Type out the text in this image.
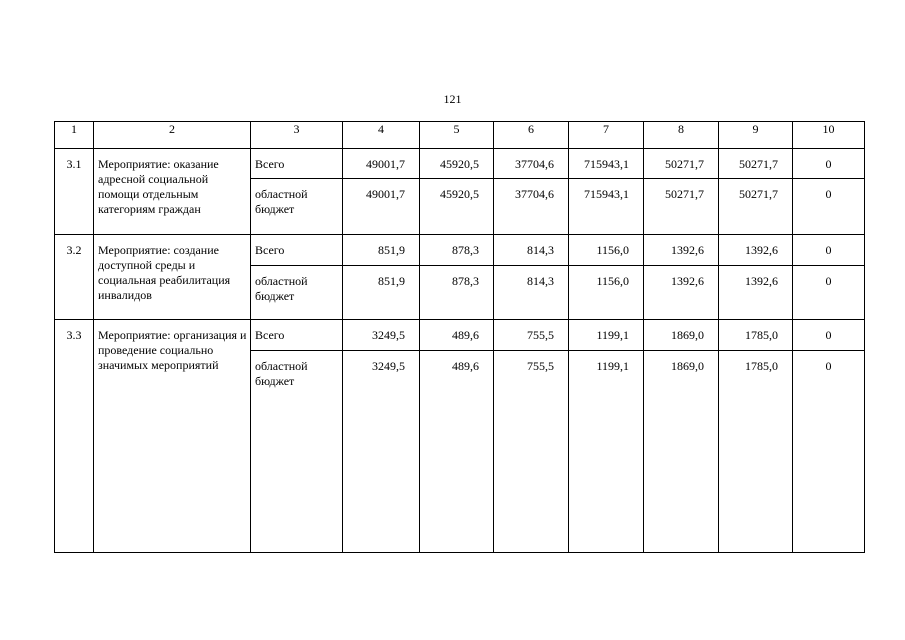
121
1	2	3	4	5	6	7	8	9	10
3.1	Мероприятие: оказание адресной социальной помощи отдельным категориям граждан	Всего	49001,7	45920,5	37704,6	715943,1	50271,7	50271,7	0
		областной бюджет	49001,7	45920,5	37704,6	715943,1	50271,7	50271,7	0
3.2	Мероприятие: создание доступной среды и социальная реабилитация инвалидов	Всего	851,9	878,3	814,3	1156,0	1392,6	1392,6	0
		областной бюджет	851,9	878,3	814,3	1156,0	1392,6	1392,6	0
3.3	Мероприятие: организация и проведение социально значимых мероприятий	Всего	3249,5	489,6	755,5	1199,1	1869,0	1785,0	0
		областной бюджет	3249,5	489,6	755,5	1199,1	1869,0	1785,0	0
